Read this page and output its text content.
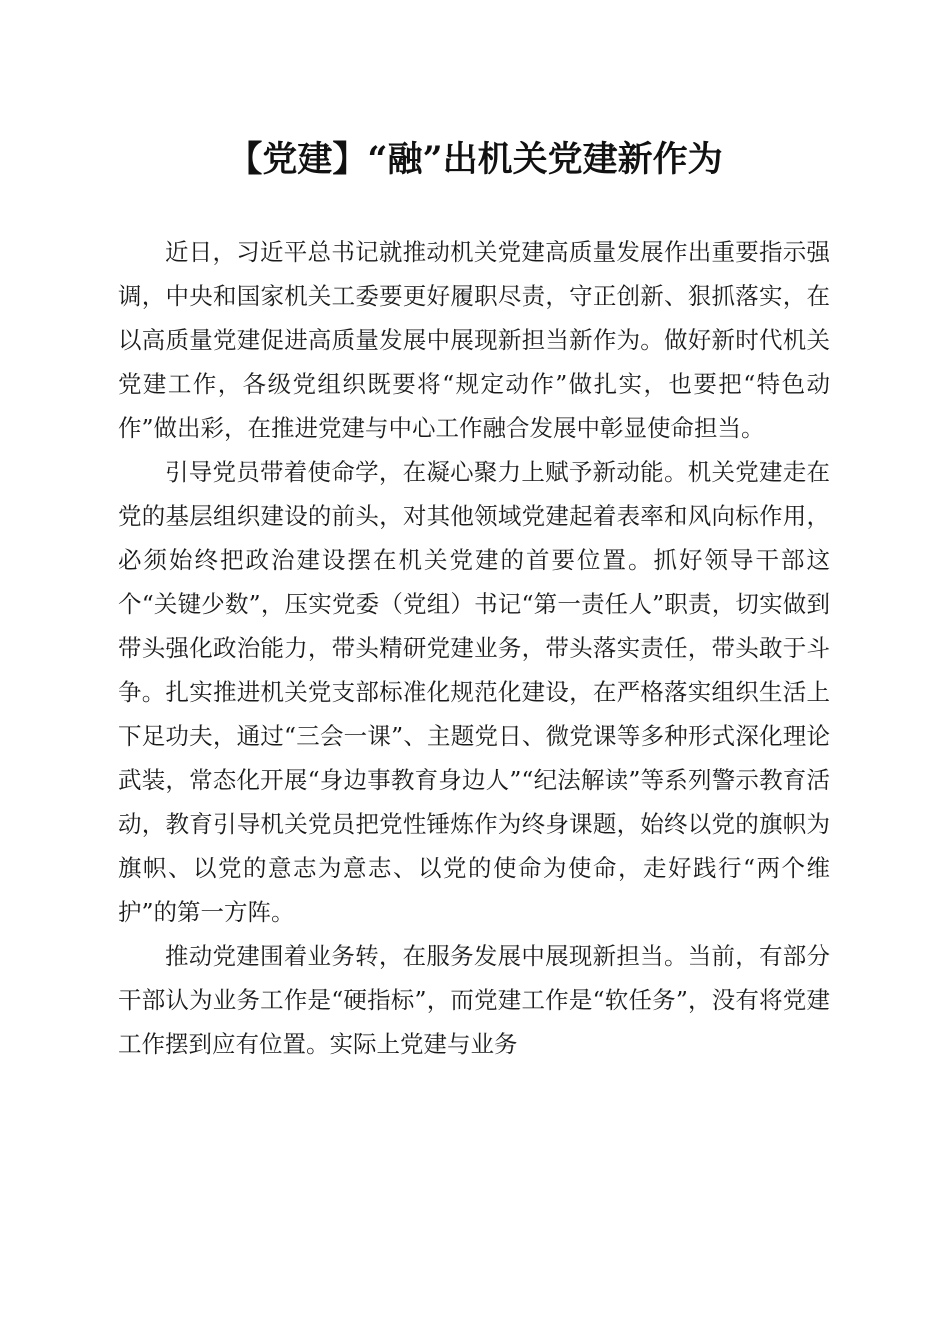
【党建】“融”出机关党建新作为

近日，习近平总书记就推动机关党建高质量发展作出重要指示强调，中央和国家机关工委要更好履职尽责，守正创新、狠抓落实，在以高质量党建促进高质量发展中展现新担当新作为。做好新时代机关党建工作，各级党组织既要将“规定动作”做扎实，也要把“特色动作”做出彩，在推进党建与中心工作融合发展中彰显使命担当。

引导党员带着使命学，在凝心聚力上赋予新动能。机关党建走在党的基层组织建设的前头，对其他领域党建起着表率和风向标作用，必须始终把政治建设摆在机关党建的首要位置。抓好领导干部这个“关键少数”，压实党委（党组）书记“第一责任人”职责，切实做到带头强化政治能力，带头精研党建业务，带头落实责任，带头敢于斗争。扎实推进机关党支部标准化规范化建设，在严格落实组织生活上下足功夫，通过“三会一课”、主题党日、微党课等多种形式深化理论武装，常态化开展“身边事教育身边人”“纪法解读”等系列警示教育活动，教育引导机关党员把党性锤炼作为终身课题，始终以党的旗帜为旗帜、以党的意志为意志、以党的使命为使命，走好践行“两个维护”的第一方阵。

推动党建围着业务转，在服务发展中展现新担当。当前，有部分干部认为业务工作是“硬指标”，而党建工作是“软任务”，没有将党建工作摆到应有位置。实际上党建与业务
